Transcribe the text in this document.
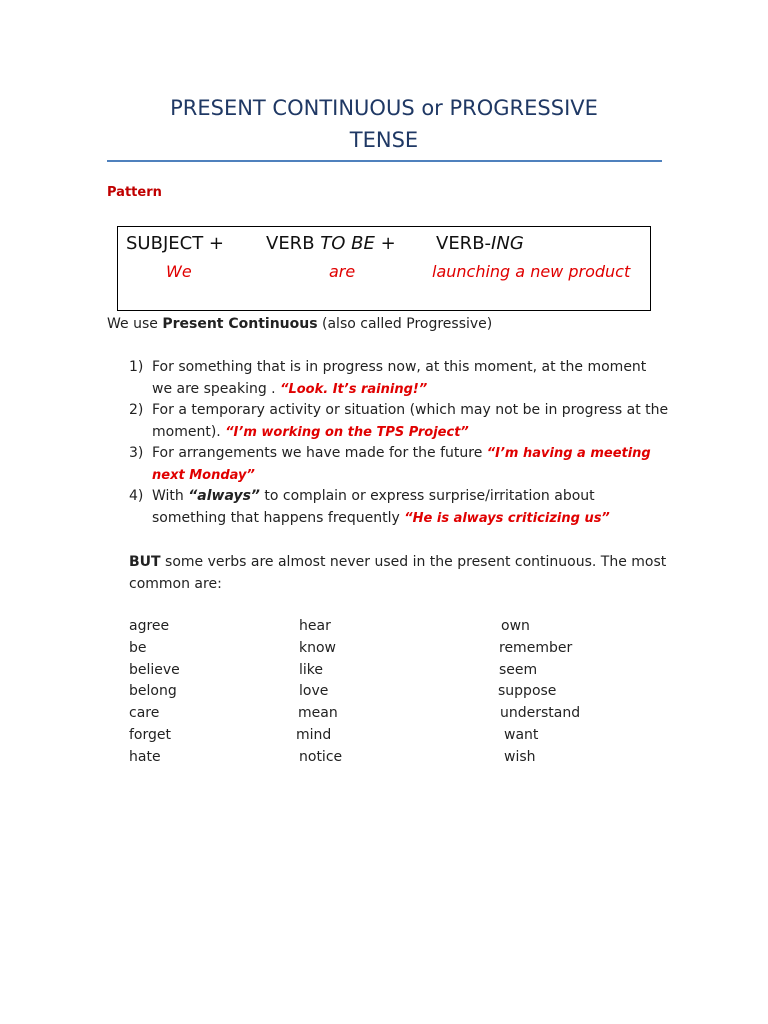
PRESENT CONTINUOUS or PROGRESSIVE
TENSE
Pattern
SUBJECT + VERB TO BE + VERB-ING
We	are	launching a new product
We use Present Continuous (also called Progressive)
1) For something that is in progress now, at this moment, at the moment we are speaking . “Look. It’s raining!”
2) For a temporary activity or situation (which may not be in progress at the moment). “I’m working on the TPS Project”
3) For arrangements we have made for the future “I’m having a meeting next Monday”
4) With “always” to complain or express surprise/irritation about something that happens frequently “He is always criticizing us”
BUT some verbs are almost never used in the present continuous. The most common are:
agree	hear	own
be	know	remember
believe	like	seem
belong	love	suppose
care	mean	understand
forget	mind	want
hate	notice	wish
